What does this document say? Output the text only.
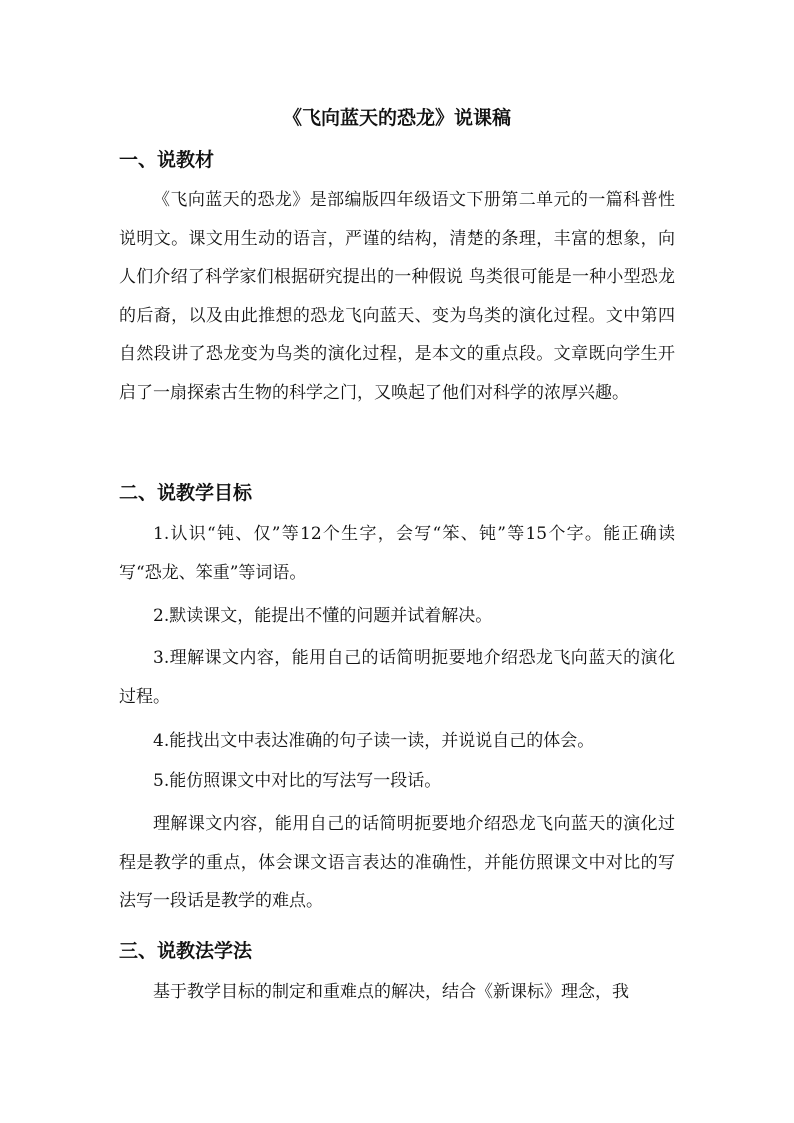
《飞向蓝天的恐龙》说课稿
一、说教材

《飞向蓝天的恐龙》是部编版四年级语文下册第二单元的一篇科普性说明文。课文用生动的语言，严谨的结构，清楚的条理，丰富的想象，向人们介绍了科学家们根据研究提出的一种假说 鸟类很可能是一种小型恐龙的后裔，以及由此推想的恐龙飞向蓝天、变为鸟类的演化过程。文中第四自然段讲了恐龙变为鸟类的演化过程，是本文的重点段。文章既向学生开启了一扇探索古生物的科学之门，又唤起了他们对科学的浓厚兴趣。

二、说教学目标

1.认识“钝、仅”等12个生字，会写“笨、钝”等15个字。能正确读写“恐龙、笨重”等词语。

2.默读课文，能提出不懂的问题并试着解决。

3.理解课文内容，能用自己的话简明扼要地介绍恐龙飞向蓝天的演化过程。

4.能找出文中表达准确的句子读一读，并说说自己的体会。
5.能仿照课文中对比的写法写一段话。

理解课文内容，能用自己的话简明扼要地介绍恐龙飞向蓝天的演化过程是教学的重点，体会课文语言表达的准确性，并能仿照课文中对比的写法写一段话是教学的难点。

三、说教法学法

基于教学目标的制定和重难点的解决，结合《新课标》理念，我
